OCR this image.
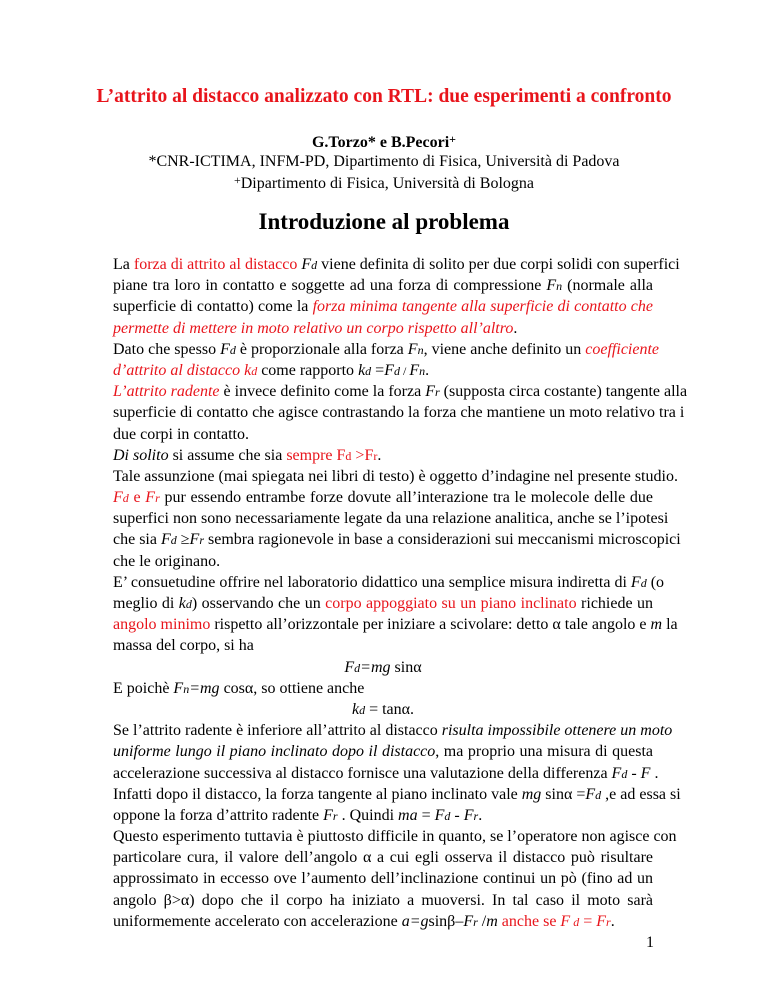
L’attrito al distacco analizzato con RTL: due esperimenti a confronto
G.Torzo* e B.Pecori+
*CNR-ICTIMA, INFM-PD, Dipartimento di Fisica, Università di Padova
+Dipartimento di Fisica, Università di Bologna
Introduzione al problema
La forza di attrito al distacco Fd viene definita di solito per due corpi solidi con superfici
piane tra loro in contatto e soggette ad una forza di compressione Fn (normale alla
superficie di contatto) come la forza minima tangente alla superficie di contatto che
permette di mettere in moto relativo un corpo rispetto all’altro.
Dato che spesso Fd è proporzionale alla forza Fn, viene anche definito un coefficiente
d’attrito al distacco kd come rapporto kd =Fd / Fn.
L’attrito radente è invece definito come la forza Fr (supposta circa costante) tangente alla
superficie di contatto che agisce contrastando la forza che mantiene un moto relativo tra i
due corpi in contatto.
Di solito si assume che sia sempre Fd >Fr.
Tale assunzione (mai spiegata nei libri di testo) è oggetto d’indagine nel presente studio.
Fd e Fr pur essendo entrambe forze dovute all’interazione tra le molecole delle due
superfici non sono necessariamente legate da una relazione analitica, anche se l’ipotesi
che sia Fd ≥Fr sembra ragionevole in base a considerazioni sui meccanismi microscopici
che le originano.
E’ consuetudine offrire nel laboratorio didattico una semplice misura indiretta di Fd (o
meglio di kd) osservando che un corpo appoggiato su un piano inclinato richiede un
angolo minimo rispetto all’orizzontale per iniziare a scivolare: detto α tale angolo e m la
massa del corpo, si ha
Fd=mg sinα
E poichè Fn=mg cosα, so ottiene anche
kd = tanα.
Se l’attrito radente è inferiore all’attrito al distacco risulta impossibile ottenere un moto
uniforme lungo il piano inclinato dopo il distacco, ma proprio una misura di questa
accelerazione successiva al distacco fornisce una valutazione della differenza Fd - F .
Infatti dopo il distacco, la forza tangente al piano inclinato vale mg sinα =Fd ,e ad essa si
oppone la forza d’attrito radente Fr . Quindi ma = Fd - Fr.
Questo esperimento tuttavia è piuttosto difficile in quanto, se l’operatore non agisce con
particolare cura, il valore dell’angolo α a cui egli osserva il distacco può risultare
approssimato in eccesso ove l’aumento dell’inclinazione continui un pò (fino ad un
angolo β>α) dopo che il corpo ha iniziato a muoversi. In tal caso il moto sarà
uniformemente accelerato con accelerazione a=gsinβ–Fr /m anche se F d = Fr.
1
